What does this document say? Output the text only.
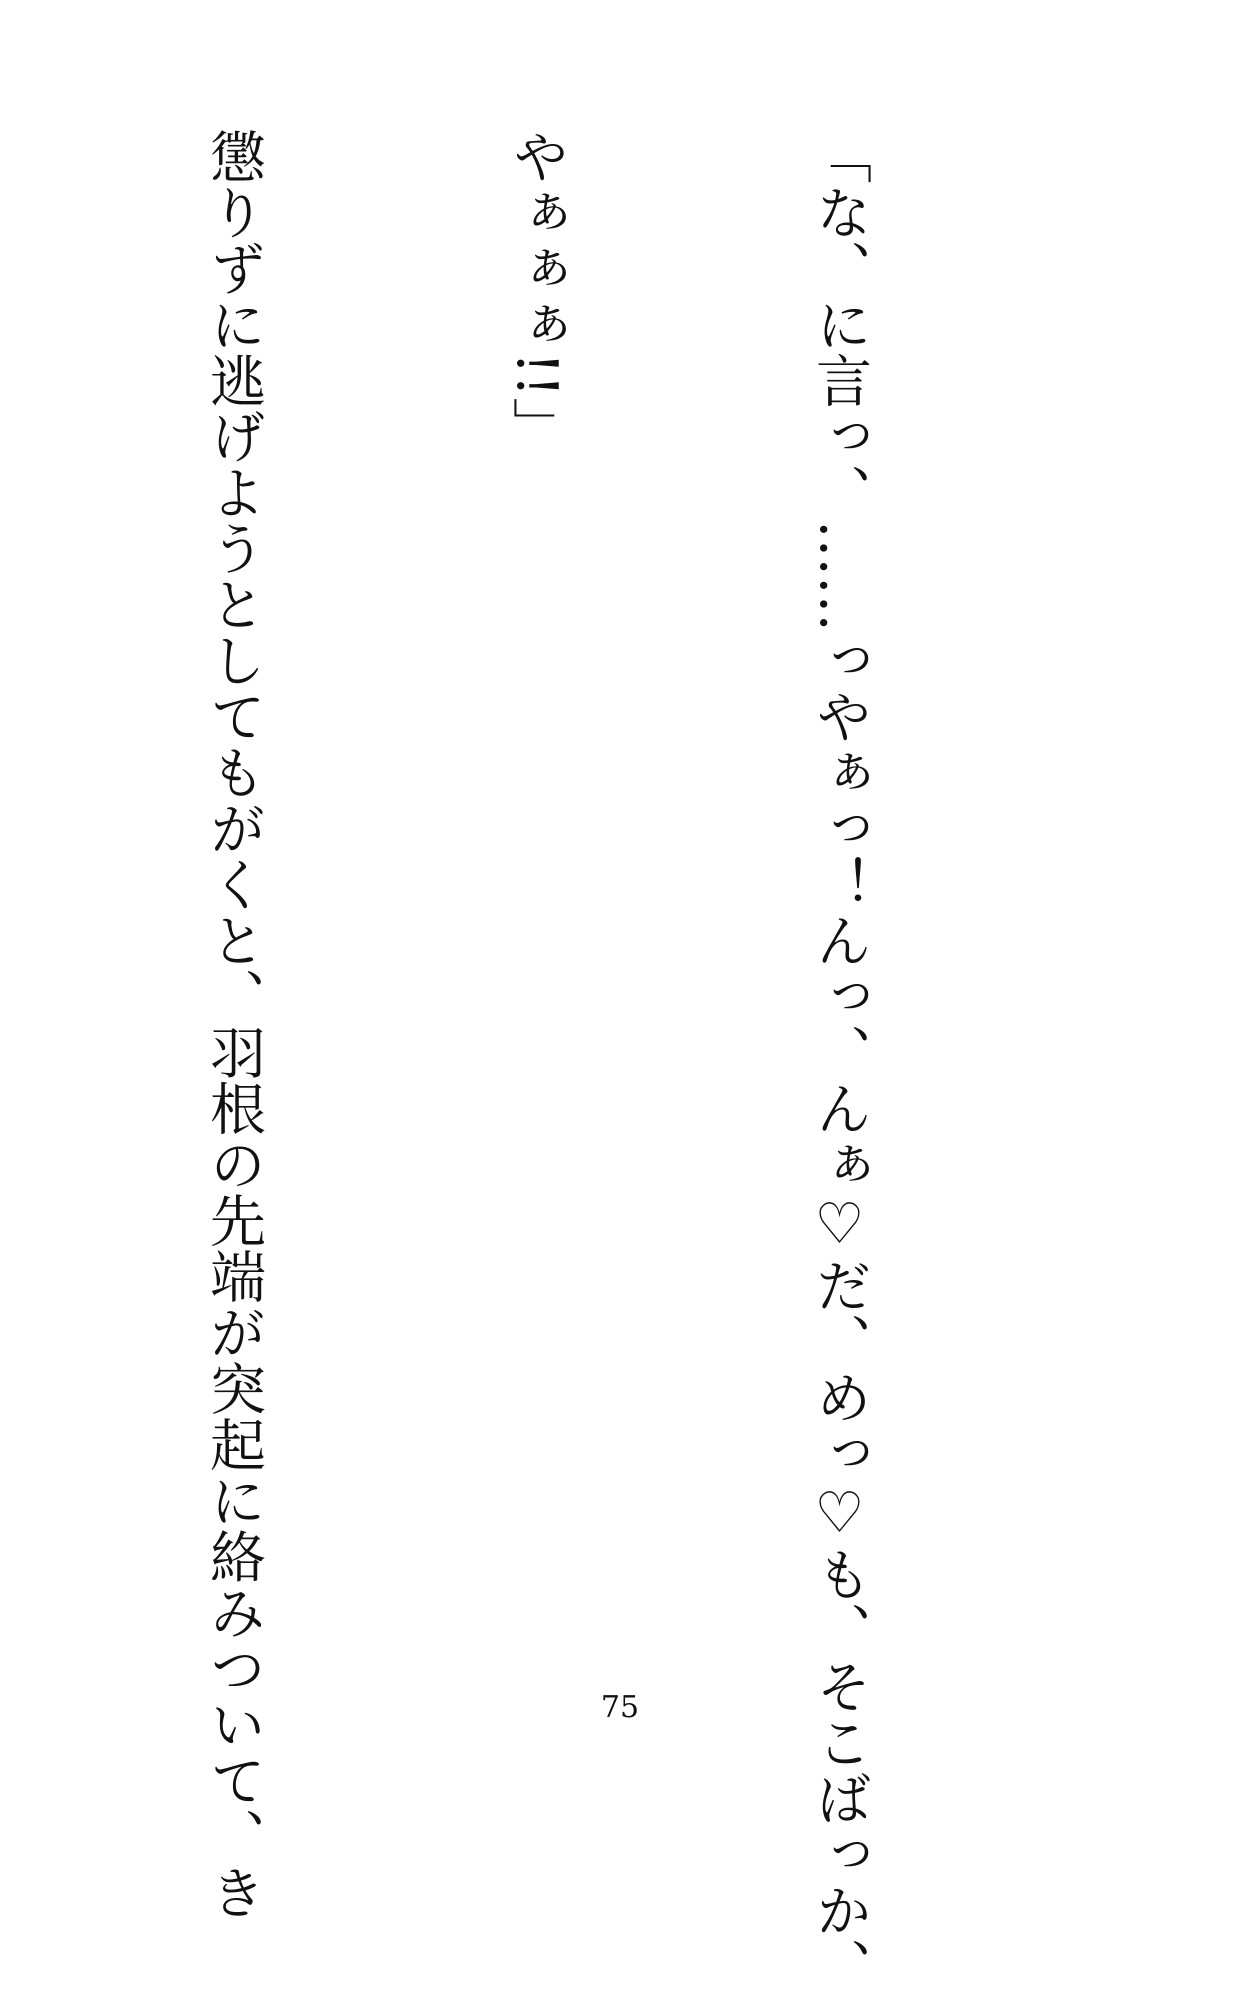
「な、に言っ、……っやぁっ！んっ、んぁ♡だ、めっ♡も、そこばっか、

やぁぁぁ!!」

懲りずに逃げようとしてもがくと、羽根の先端が突起に絡みついて、き

	75
